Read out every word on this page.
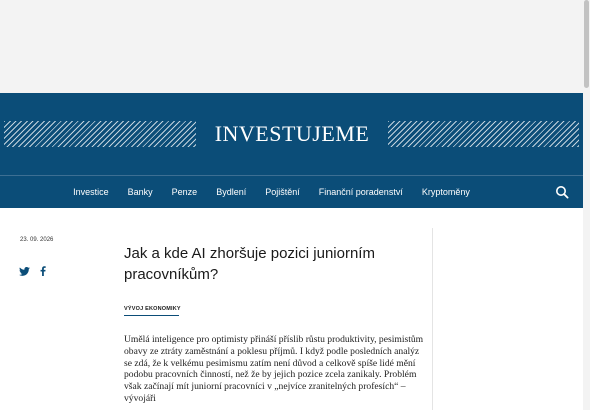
INVESTUJEME
Investice Banky Penze Bydlení Pojištění Finanční poradenství Kryptoměny
23. 09. 2026
Jak a kde AI zhoršuje pozici juniorním pracovníkům?
VÝVOJ EKONOMIKY

Umělá inteligence pro optimisty přináší příslib růstu produktivity, pesimistům obavy ze ztráty zaměstnání a poklesu příjmů. I když podle posledních analýz se zdá, že k velkému pesimismu zatím není důvod a celkově spíše lidé mění podobu pracovních činností, než že by jejich pozice zcela zanikaly. Problém však začínají mít juniorní pracovníci v „nejvíce zranitelných profesích“ – vývojáři
